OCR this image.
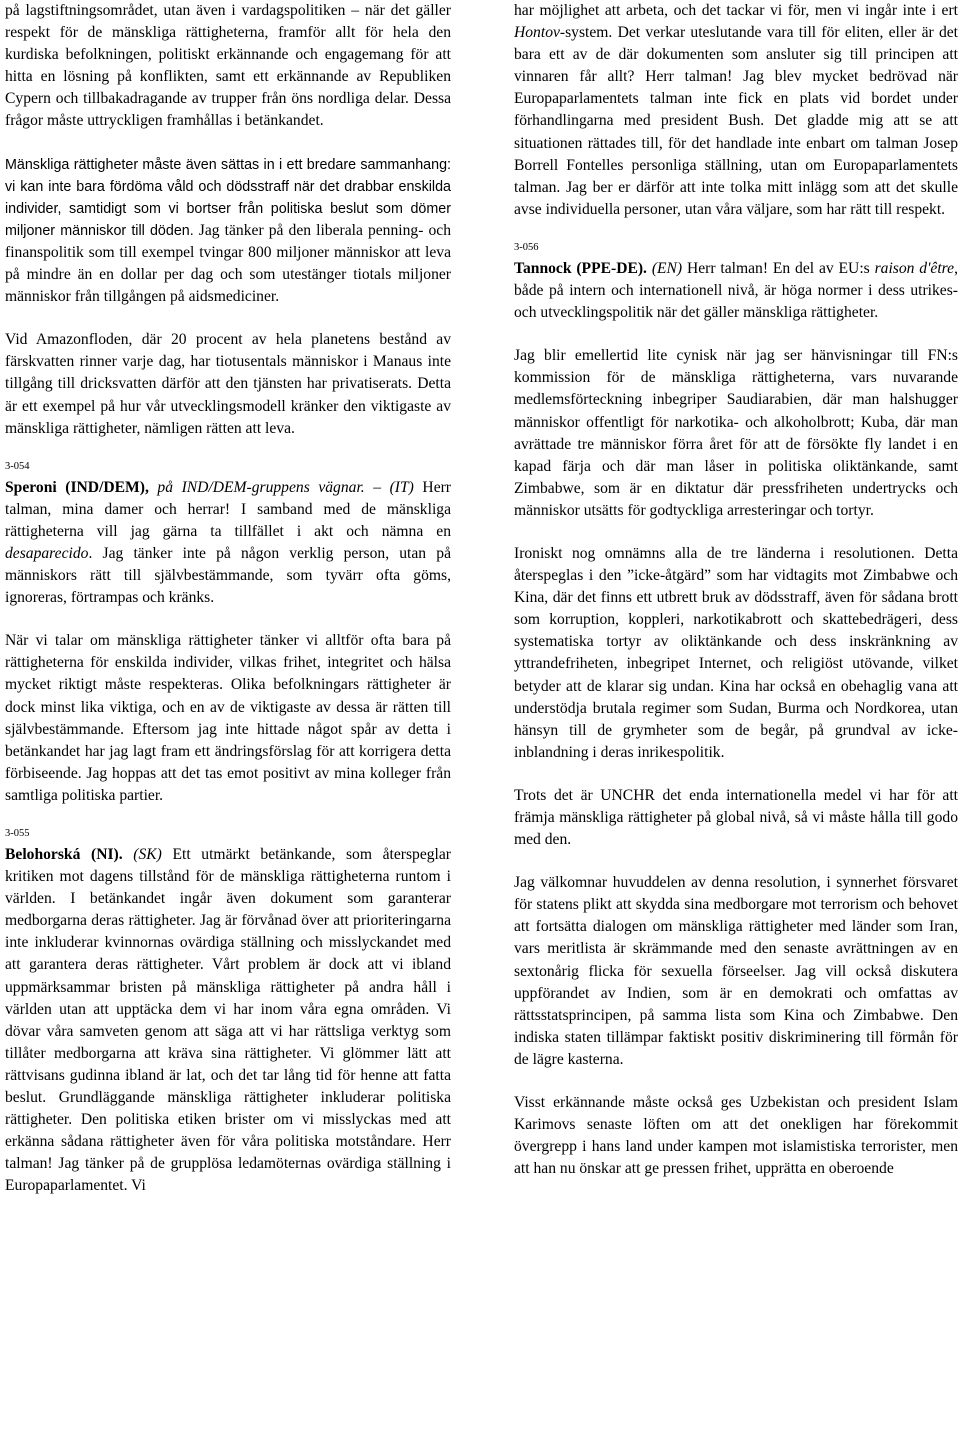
på lagstiftningsområdet, utan även i vardagspolitiken – när det gäller respekt för de mänskliga rättigheterna, framför allt för hela den kurdiska befolkningen, politiskt erkännande och engagemang för att hitta en lösning på konflikten, samt ett erkännande av Republiken Cypern och tillbakadragande av trupper från öns nordliga delar. Dessa frågor måste uttryckligen framhållas i betänkandet.

Mänskliga rättigheter måste även sättas in i ett bredare sammanhang: vi kan inte bara fördöma våld och dödsstraff när det drabbar enskilda individer, samtidigt som vi bortser från politiska beslut som dömer miljoner människor till döden. Jag tänker på den liberala penning- och finanspolitik som till exempel tvingar 800 miljoner människor att leva på mindre än en dollar per dag och som utestänger tiotals miljoner människor från tillgången på aidsmediciner.

Vid Amazonfloden, där 20 procent av hela planetens bestånd av färskvatten rinner varje dag, har tiotusentals människor i Manaus inte tillgång till dricksvatten därför att den tjänsten har privatiserats. Detta är ett exempel på hur vår utvecklingsmodell kränker den viktigaste av mänskliga rättigheter, nämligen rätten att leva.

3-054

Speroni (IND/DEM), på IND/DEM-gruppens vägnar. – (IT) Herr talman, mina damer och herrar! I samband med de mänskliga rättigheterna vill jag gärna ta tillfället i akt och nämna en desaparecido. Jag tänker inte på någon verklig person, utan på människors rätt till självbestämmande, som tyvärr ofta göms, ignoreras, förtrampas och kränks.

När vi talar om mänskliga rättigheter tänker vi alltför ofta bara på rättigheterna för enskilda individer, vilkas frihet, integritet och hälsa mycket riktigt måste respekteras. Olika befolkningars rättigheter är dock minst lika viktiga, och en av de viktigaste av dessa är rätten till självbestämmande. Eftersom jag inte hittade något spår av detta i betänkandet har jag lagt fram ett ändringsförslag för att korrigera detta förbiseende. Jag hoppas att det tas emot positivt av mina kolleger från samtliga politiska partier.

3-055

Belohorská (NI). (SK) Ett utmärkt betänkande, som återspeglar kritiken mot dagens tillstånd för de mänskliga rättigheterna runtom i världen. I betänkandet ingår även dokument som garanterar medborgarna deras rättigheter. Jag är förvånad över att prioriteringarna inte inkluderar kvinnornas ovärdiga ställning och misslyckandet med att garantera deras rättigheter. Vårt problem är dock att vi ibland uppmärksammar bristen på mänskliga rättigheter på andra håll i världen utan att upptäcka dem vi har inom våra egna områden. Vi dövar våra samveten genom att säga att vi har rättsliga verktyg som tillåter medborgarna att kräva sina rättigheter. Vi glömmer lätt att rättvisans gudinna ibland är lat, och det tar lång tid för henne att fatta beslut. Grundläggande mänskliga rättigheter inkluderar politiska rättigheter. Den politiska etiken brister om vi misslyckas med att erkänna sådana rättigheter även för våra politiska motståndare. Herr talman! Jag tänker på de grupplösa ledamöternas ovärdiga ställning i Europaparlamentet. Vi

har möjlighet att arbeta, och det tackar vi för, men vi ingår inte i ert Hontov-system. Det verkar uteslutande vara till för eliten, eller är det bara ett av de där dokumenten som ansluter sig till principen att vinnaren får allt? Herr talman! Jag blev mycket bedrövad när Europaparlamentets talman inte fick en plats vid bordet under förhandlingarna med president Bush. Det gladde mig att se att situationen rättades till, för det handlade inte enbart om talman Josep Borrell Fontelles personliga ställning, utan om Europaparlamentets talman. Jag ber er därför att inte tolka mitt inlägg som att det skulle avse individuella personer, utan våra väljare, som har rätt till respekt.

3-056

Tannock (PPE-DE). (EN) Herr talman! En del av EU:s raison d'être, både på intern och internationell nivå, är höga normer i dess utrikes- och utvecklingspolitik när det gäller mänskliga rättigheter.

Jag blir emellertid lite cynisk när jag ser hänvisningar till FN:s kommission för de mänskliga rättigheterna, vars nuvarande medlemsförteckning inbegriper Saudiarabien, där man halshugger människor offentligt för narkotika- och alkoholbrott; Kuba, där man avrättade tre människor förra året för att de försökte fly landet i en kapad färja och där man låser in politiska oliktänkande, samt Zimbabwe, som är en diktatur där pressfriheten undertrycks och människor utsätts för godtyckliga arresteringar och tortyr.

Ironiskt nog omnämns alla de tre länderna i resolutionen. Detta återspeglas i den ”icke-åtgärd” som har vidtagits mot Zimbabwe och Kina, där det finns ett utbrett bruk av dödsstraff, även för sådana brott som korruption, koppleri, narkotikabrott och skattebedrägeri, dess systematiska tortyr av oliktänkande och dess inskränkning av yttrandefriheten, inbegripet Internet, och religiöst utövande, vilket betyder att de klarar sig undan. Kina har också en obehaglig vana att understödja brutala regimer som Sudan, Burma och Nordkorea, utan hänsyn till de grymheter som de begår, på grundval av icke-inblandning i deras inrikespolitik.

Trots det är UNCHR det enda internationella medel vi har för att främja mänskliga rättigheter på global nivå, så vi måste hålla till godo med den.

Jag välkomnar huvuddelen av denna resolution, i synnerhet försvaret för statens plikt att skydda sina medborgare mot terrorism och behovet att fortsätta dialogen om mänskliga rättigheter med länder som Iran, vars meritlista är skrämmande med den senaste avrättningen av en sextonårig flicka för sexuella förseelser. Jag vill också diskutera uppförandet av Indien, som är en demokrati och omfattas av rättsstatsprincipen, på samma lista som Kina och Zimbabwe. Den indiska staten tillämpar faktiskt positiv diskriminering till förmån för de lägre kasterna.

Visst erkännande måste också ges Uzbekistan och president Islam Karimovs senaste löften om att det onekligen har förekommit övergrepp i hans land under kampen mot islamistiska terrorister, men att han nu önskar att ge pressen frihet, upprätta en oberoende
